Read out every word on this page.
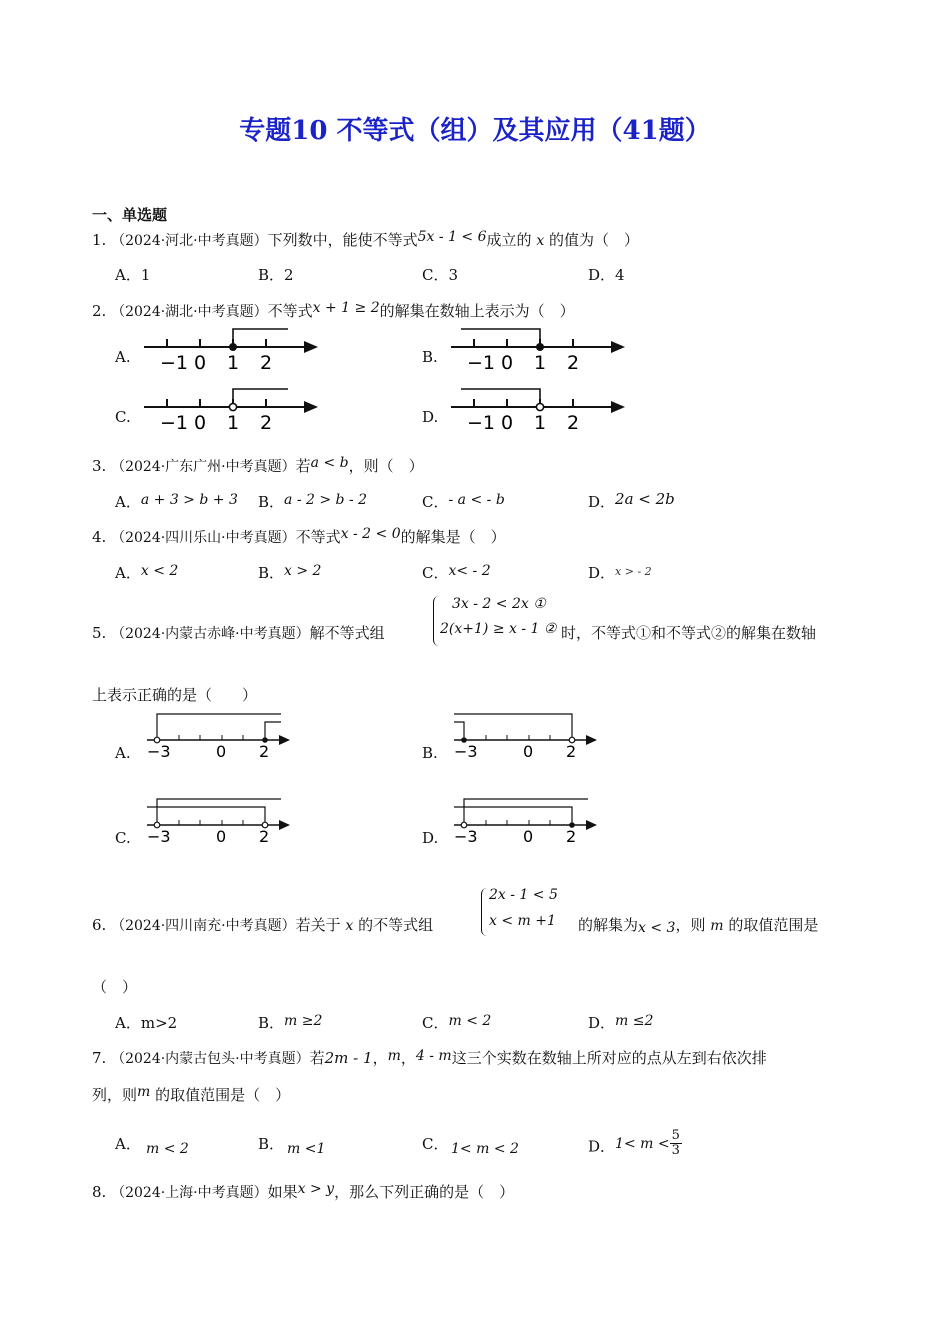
专题10 不等式（组）及其应用（41题）
一、单选题
1. （2024·河北·中考真题）下列数中，能使不等式5x - 1 < 6成立的 x 的值为（　）
A．1	B．2	C．3	D．4
2. （2024·湖北·中考真题）不等式x + 1 ≥ 2的解集在数轴上表示为（　）
A.	B.
C.	D.
−1 0 1 2	−1 0 1 2
−1 0 1 2	−1 0 1 2
3. （2024·广东广州·中考真题）若a < b，则（　）
A．a + 3 > b + 3 B．a - 2 > b - 2	C．- a < - b	D．2a < 2b
4. （2024·四川乐山·中考真题）不等式x - 2 < 0的解集是（　）
A．x < 2	B．x > 2	C．x< - 2	D．$^{x > - 2}$
5. （2024·内蒙古赤峰·中考真题）解不等式组
3x - 2 < 2x ①
2(x+1) ≥ x - 1 ② 时，不等式①和不等式②的解集在数轴
上表示正确的是（　　）
A.	B.
C.	D.
−3	0 2	−3	0 2
−3	0 2	−3	0 2
6. （2024·四川南充·中考真题）若关于 x 的不等式组
2x - 1 < 5
x < m +1 的解集为x < 3，则 m 的取值范围是
（　）
A．m>2	B．m ≥2	C．m < 2	D．m ≤2
7. （2024·内蒙古包头·中考真题）若2m - 1，m，4 - m这三个实数在数轴上所对应的点从左到右依次排
列，则m 的取值范围是（　）
A． m < 2	B． m <1	C． 1< m < 2	D．$1< m < \frac{5}{3}$
8. （2024·上海·中考真题）如果x > y，那么下列正确的是（　）
